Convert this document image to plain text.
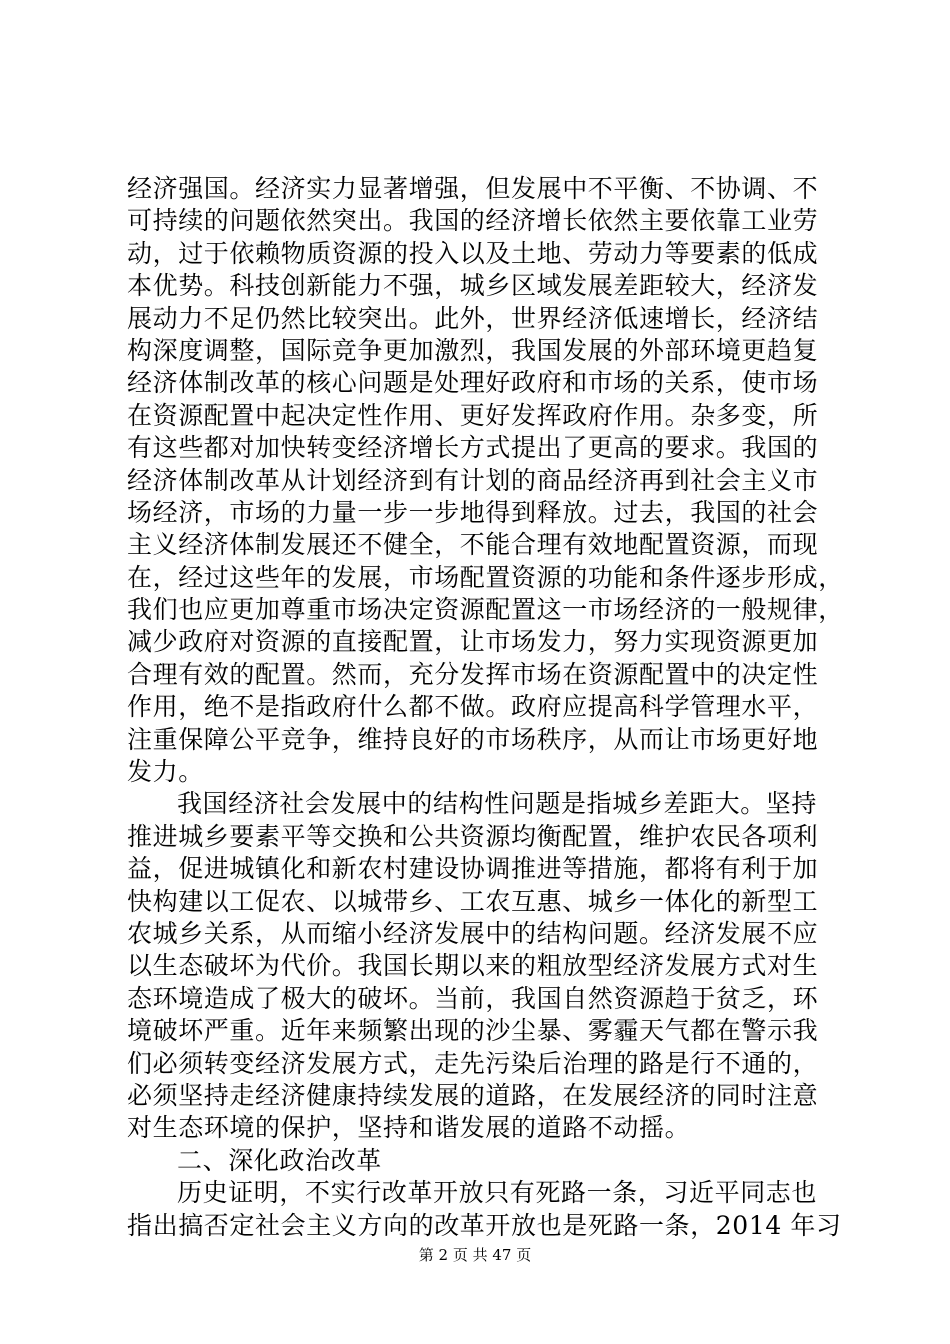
经济强国。经济实力显著增强，但发展中不平衡、不协调、不
可持续的问题依然突出。我国的经济增长依然主要依靠工业劳
动，过于依赖物质资源的投入以及土地、劳动力等要素的低成
本优势。科技创新能力不强，城乡区域发展差距较大，经济发
展动力不足仍然比较突出。此外，世界经济低速增长，经济结
构深度调整，国际竞争更加激烈，我国发展的外部环境更趋复
经济体制改革的核心问题是处理好政府和市场的关系，使市场
在资源配置中起决定性作用、更好发挥政府作用。杂多变，所
有这些都对加快转变经济增长方式提出了更高的要求。我国的
经济体制改革从计划经济到有计划的商品经济再到社会主义市
场经济，市场的力量一步一步地得到释放。过去，我国的社会
主义经济体制发展还不健全，不能合理有效地配置资源，而现
在，经过这些年的发展，市场配置资源的功能和条件逐步形成，
我们也应更加尊重市场决定资源配置这一市场经济的一般规律，
减少政府对资源的直接配置，让市场发力，努力实现资源更加
合理有效的配置。然而，充分发挥市场在资源配置中的决定性
作用，绝不是指政府什么都不做。政府应提高科学管理水平，
注重保障公平竞争，维持良好的市场秩序，从而让市场更好地
发力。
我国经济社会发展中的结构性问题是指城乡差距大。坚持
推进城乡要素平等交换和公共资源均衡配置，维护农民各项利
益，促进城镇化和新农村建设协调推进等措施，都将有利于加
快构建以工促农、以城带乡、工农互惠、城乡一体化的新型工
农城乡关系，从而缩小经济发展中的结构问题。经济发展不应
以生态破坏为代价。我国长期以来的粗放型经济发展方式对生
态环境造成了极大的破坏。当前，我国自然资源趋于贫乏，环
境破坏严重。近年来频繁出现的沙尘暴、雾霾天气都在警示我
们必须转变经济发展方式，走先污染后治理的路是行不通的，
必须坚持走经济健康持续发展的道路，在发展经济的同时注意
对生态环境的保护，坚持和谐发展的道路不动摇。
二、深化政治改革
历史证明，不实行改革开放只有死路一条，习近平同志也
指出搞否定社会主义方向的改革开放也是死路一条，2014 年习
第 2 页 共 47 页
